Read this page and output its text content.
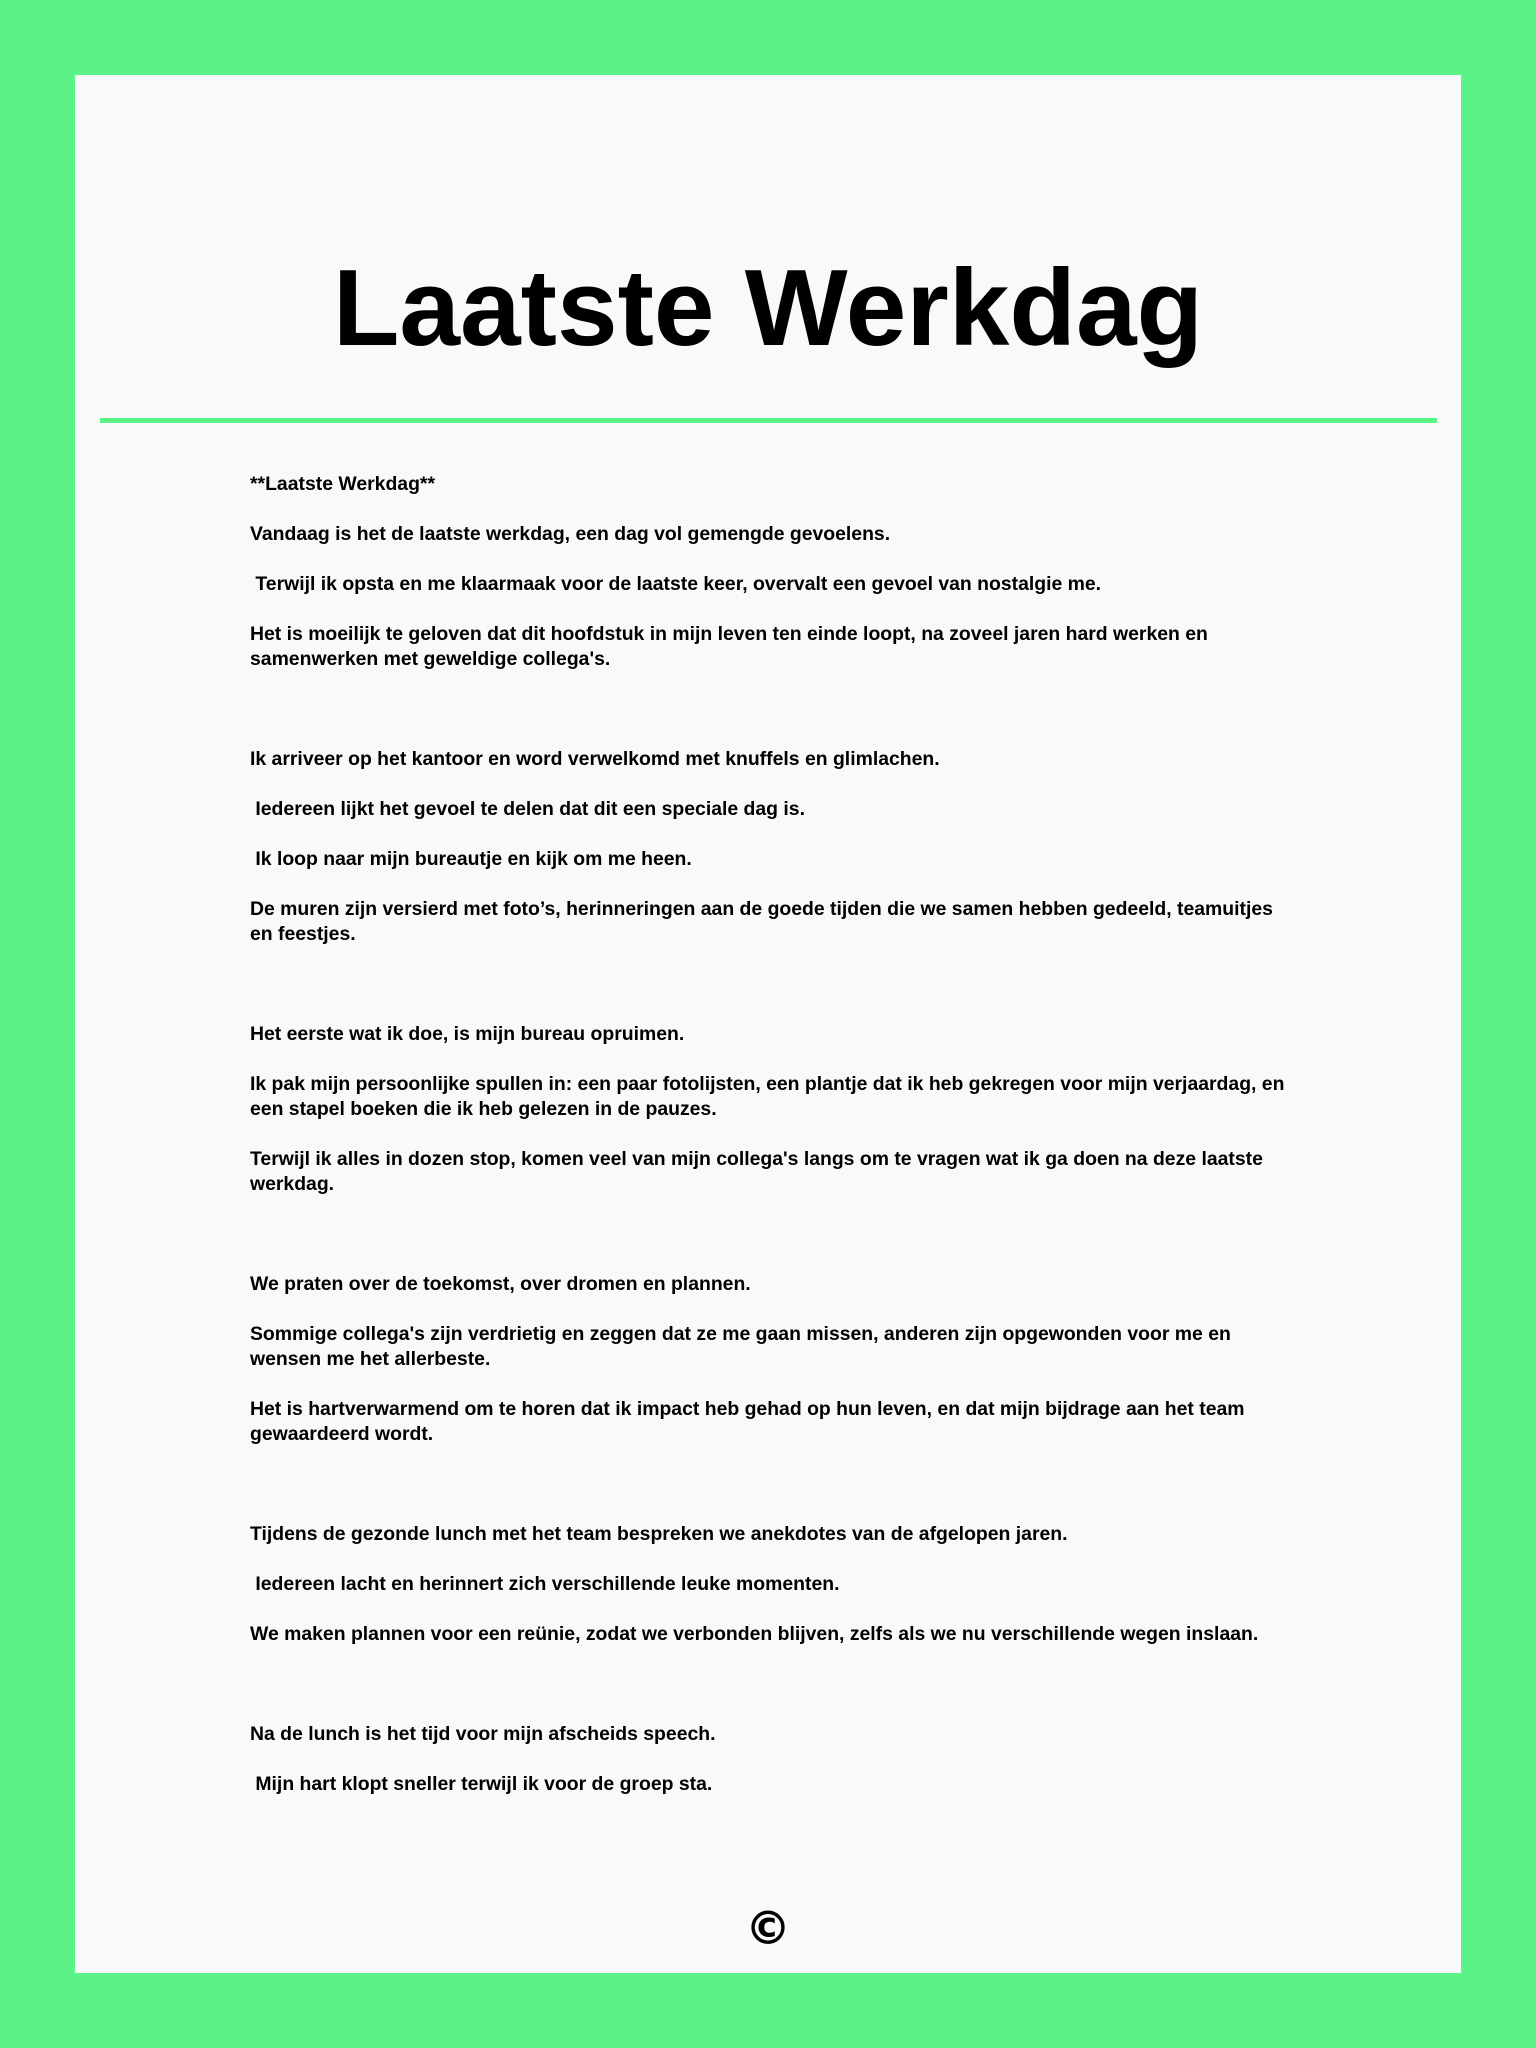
Laatste Werkdag

**Laatste Werkdag**

Vandaag is het de laatste werkdag, een dag vol gemengde gevoelens.

Terwijl ik opsta en me klaarmaak voor de laatste keer, overvalt een gevoel van nostalgie me.

Het is moeilijk te geloven dat dit hoofdstuk in mijn leven ten einde loopt, na zoveel jaren hard werken en samenwerken met geweldige collega's.

Ik arriveer op het kantoor en word verwelkomd met knuffels en glimlachen.

Iedereen lijkt het gevoel te delen dat dit een speciale dag is.

Ik loop naar mijn bureautje en kijk om me heen.

De muren zijn versierd met foto’s, herinneringen aan de goede tijden die we samen hebben gedeeld, teamuitjes en feestjes.

Het eerste wat ik doe, is mijn bureau opruimen.

Ik pak mijn persoonlijke spullen in: een paar fotolijsten, een plantje dat ik heb gekregen voor mijn verjaardag, en een stapel boeken die ik heb gelezen in de pauzes.

Terwijl ik alles in dozen stop, komen veel van mijn collega's langs om te vragen wat ik ga doen na deze laatste werkdag.

We praten over de toekomst, over dromen en plannen.

Sommige collega's zijn verdrietig en zeggen dat ze me gaan missen, anderen zijn opgewonden voor me en wensen me het allerbeste.

Het is hartverwarmend om te horen dat ik impact heb gehad op hun leven, en dat mijn bijdrage aan het team gewaardeerd wordt.

Tijdens de gezonde lunch met het team bespreken we anekdotes van de afgelopen jaren.

Iedereen lacht en herinnert zich verschillende leuke momenten.

We maken plannen voor een reünie, zodat we verbonden blijven, zelfs als we nu verschillende wegen inslaan.

Na de lunch is het tijd voor mijn afscheids speech.

Mijn hart klopt sneller terwijl ik voor de groep sta.

©
